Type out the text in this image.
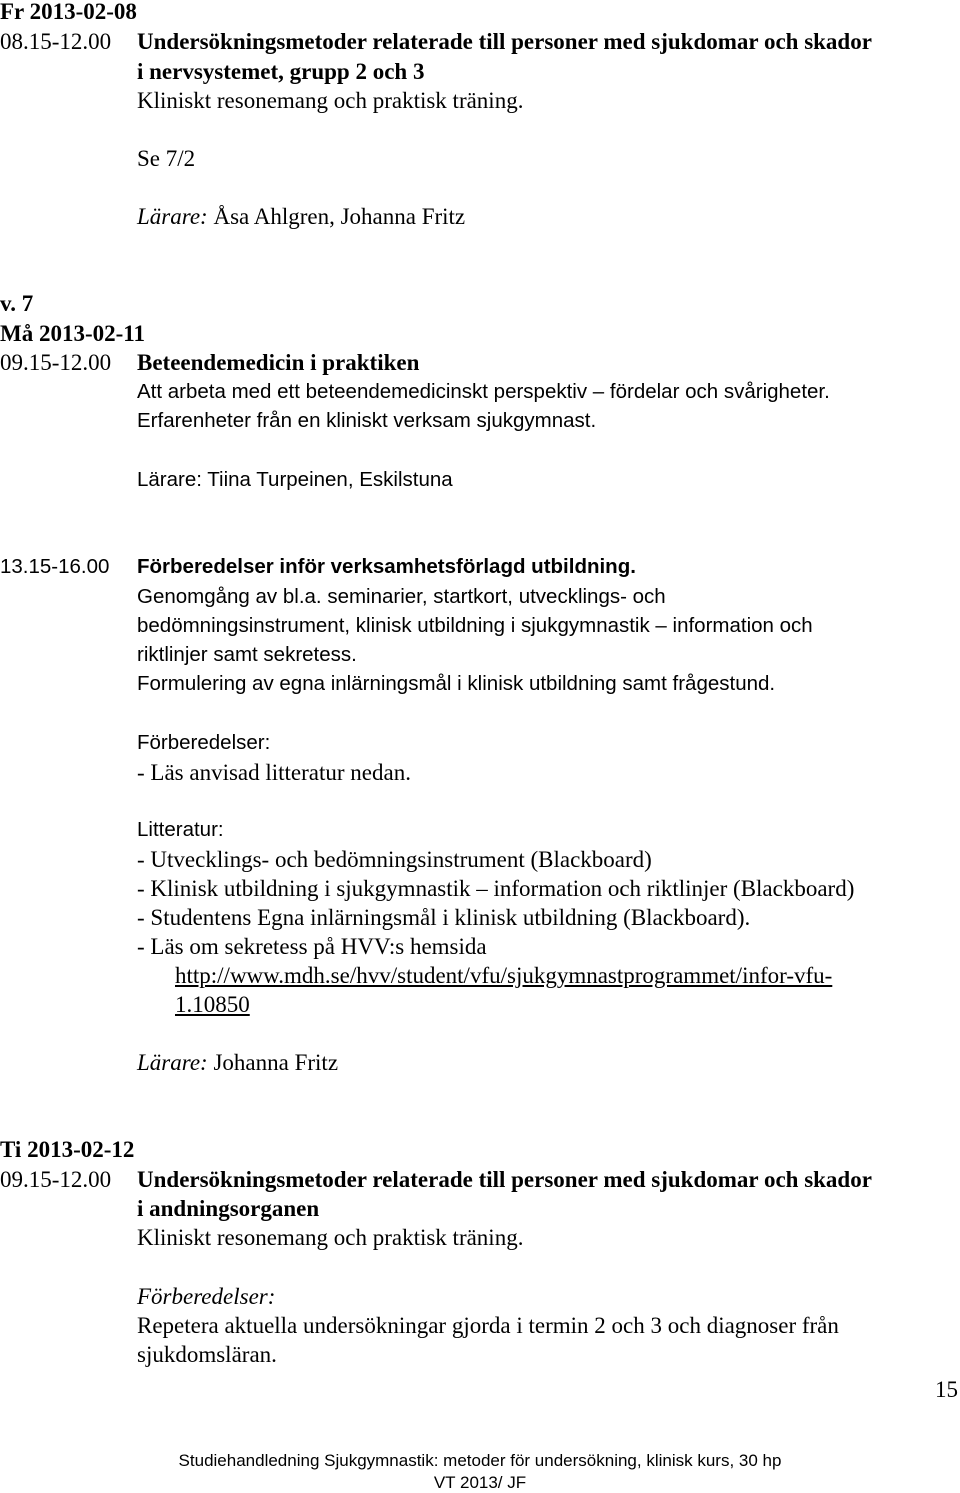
Fr 2013-02-08
08.15-12.00 Undersökningsmetoder relaterade till personer med sjukdomar och skador
i nervsystemet, grupp 2 och 3
Kliniskt resonemang och praktisk träning.
Se 7/2
Lärare: Åsa Ahlgren, Johanna Fritz
v. 7
Må 2013-02-11
09.15-12.00 Beteendemedicin i praktiken
Att arbeta med ett beteendemedicinskt perspektiv – fördelar och svårigheter.
Erfarenheter från en kliniskt verksam sjukgymnast.
Lärare: Tiina Turpeinen, Eskilstuna
13.15-16.00 Förberedelser inför verksamhetsförlagd utbildning.
Genomgång av bl.a. seminarier, startkort, utvecklings- och
bedömningsinstrument, klinisk utbildning i sjukgymnastik – information och
riktlinjer samt sekretess.
Formulering av egna inlärningsmål i klinisk utbildning samt frågestund.
Förberedelser:
- Läs anvisad litteratur nedan.
Litteratur:
- Utvecklings- och bedömningsinstrument (Blackboard)
- Klinisk utbildning i sjukgymnastik – information och riktlinjer (Blackboard)
- Studentens Egna inlärningsmål i klinisk utbildning (Blackboard).
- Läs om sekretess på HVV:s hemsida
http://www.mdh.se/hvv/student/vfu/sjukgymnastprogrammet/infor-vfu-
1.10850
Lärare: Johanna Fritz
Ti 2013-02-12
09.15-12.00 Undersökningsmetoder relaterade till personer med sjukdomar och skador
i andningsorganen
Kliniskt resonemang och praktisk träning.
Förberedelser:
Repetera aktuella undersökningar gjorda i termin 2 och 3 och diagnoser från
sjukdomsläran.
15
Studiehandledning Sjukgymnastik: metoder för undersökning, klinisk kurs, 30 hp
VT 2013/ JF
